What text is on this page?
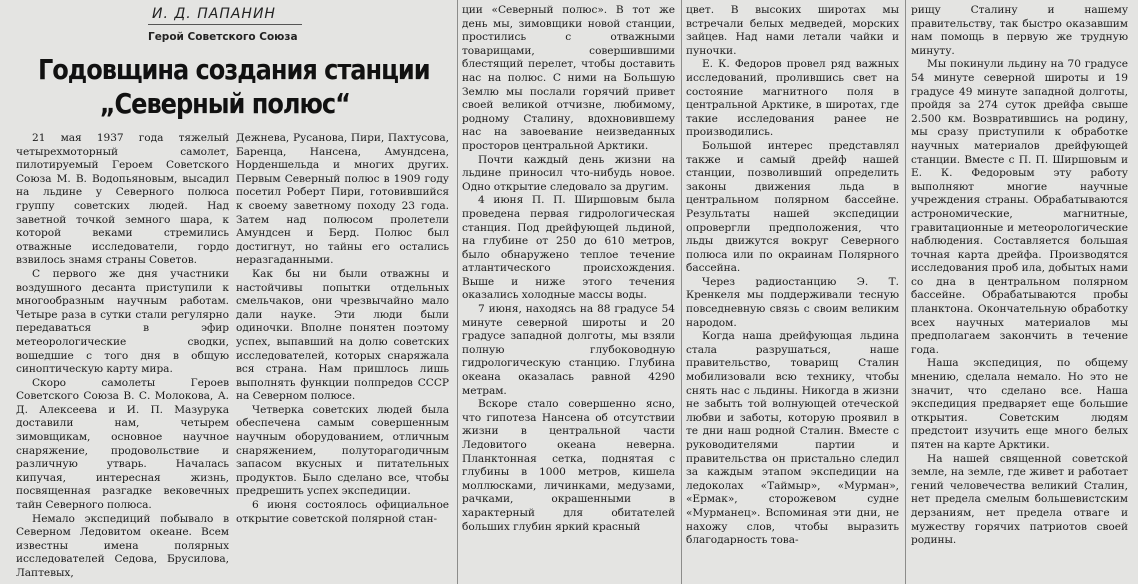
И. Д. ПАПАНИН
Герой Советского Союза
Годовщина создания станции
„Северный полюс“

21 мая 1937 года тяжелый четырехмоторный самолет, пилотируемый Героем Советского Союза М. В. Водопьяновым, высадил на льдине у Северного полюса группу советских людей. Над заветной точкой земного шара, к которой веками стремились отважные исследователи, гордо взвилось знамя страны Советов.

С первого же дня участники воздушного десанта приступили к многообразным научным работам. Четыре раза в сутки стали регулярно передаваться в эфир метеорологические сводки, вошедшие с того дня в общую синоптическую карту мира.

Скоро самолеты Героев Советского Союза В. С. Молокова, А. Д. Алексеева и И. П. Мазурука доставили нам, четырем зимовщикам, основное научное снаряжение, продовольствие и различную утварь. Началась кипучая, интересная жизнь, посвященная разгадке вековечных тайн Северного полюса.

Немало экспедиций побывало в Северном Ледовитом океане. Всем известны имена полярных исследователей Седова, Брусилова, Лаптевых,

Дежнева, Русанова, Пири, Пахтусова, Баренца, Нансена, Амундсена, Норденшельда и многих других. Первым Северный полюс в 1909 году посетил Роберт Пири, готовившийся к своему заветному походу 23 года. Затем над полюсом пролетели Амундсен и Берд. Полюс был достигнут, но тайны его остались неразгаданными.

Как бы ни были отважны и настойчивы попытки отдельных смельчаков, они чрезвычайно мало дали науке. Эти люди были одиночки. Вполне понятен поэтому успех, выпавший на долю советских исследователей, которых снаряжала вся страна. Нам пришлось лишь выполнять функции полпредов СССР на Северном полюсе.

Четверка советских людей была обеспечена самым совершенным научным оборудованием, отличным снаряжением, полуторагодичным запасом вкусных и питательных продуктов. Было сделано все, чтобы предрешить успех экспедиции.

6 июня состоялось официальное открытие советской полярной стан-

ции «Северный полюс». В тот же день мы, зимовщики новой станции, простились с отважными товарищами, совершившими блестящий перелет, чтобы доставить нас на полюс. С ними на Большую Землю мы послали горячий привет своей великой отчизне, любимому, родному Сталину, вдохновившему нас на завоевание неизведанных просторов центральной Арктики.

Почти каждый день жизни на льдине приносил что-нибудь новое. Одно открытие следовало за другим.

4 июня П. П. Ширшовым была проведена первая гидрологическая станция. Под дрейфующей льдиной, на глубине от 250 до 610 метров, было обнаружено теплое течение атлантического происхождения. Выше и ниже этого течения оказались холодные массы воды.

7 июня, находясь на 88 градусе 54 минуте северной широты и 20 градусе западной долготы, мы взяли полную глубоководную гидрологическую станцию. Глубина океана оказалась равной 4290 метрам.

Вскоре стало совершенно ясно, что гипотеза Нансена об отсутствии жизни в центральной части Ледовитого океана неверна. Планктонная сетка, поднятая с глубины в 1000 метров, кишела моллюсками, личинками, медузами, рачками, окрашенными в характерный для обитателей больших глубин яркий красный

цвет. В высоких широтах мы встречали белых медведей, морских зайцев. Над нами летали чайки и пуночки.

Е. К. Федоров провел ряд важных исследований, пролившись свет на состояние магнитного поля в центральной Арктике, в широтах, где такие исследования ранее не производились.

Большой интерес представлял также и самый дрейф нашей станции, позволивший определить законы движения льда в центральном полярном бассейне. Результаты нашей экспедиции опровергли предположения, что льды движутся вокруг Северного полюса или по окраинам Полярного бассейна.

Через радиостанцию Э. Т. Кренкеля мы поддерживали тесную повседневную связь с своим великим народом.

Когда наша дрейфующая льдина стала разрушаться, наше правительство, товарищ Сталин мобилизовали всю технику, чтобы снять нас с льдины. Никогда в жизни не забыть той волнующей отеческой любви и заботы, которую проявил в те дни наш родной Сталин. Вместе с руководителями партии и правительства он пристально следил за каждым этапом экспедиции на ледоколах «Таймыр», «Мурман», «Ермак», сторожевом судне «Мурманец». Вспоминая эти дни, не нахожу слов, чтобы выразить благодарность това-

рищу Сталину и нашему правительству, так быстро оказавшим нам помощь в первую же трудную минуту.

Мы покинули льдину на 70 градусе 54 минуте северной широты и 19 градусе 49 минуте западной долготы, пройдя за 274 суток дрейфа свыше 2.500 км. Возвратившись на родину, мы сразу приступили к обработке научных материалов дрейфующей станции. Вместе с П. П. Ширшовым и Е. К. Федоровым эту работу выполняют многие научные учреждения страны. Обрабатываются астрономические, магнитные, гравитационные и метеорологические наблюдения. Составляется большая точная карта дрейфа. Производятся исследования проб ила, добытых нами со дна в центральном полярном бассейне. Обрабатываются пробы планктона. Окончательную обработку всех научных материалов мы предполагаем закончить в течение года.

Наша экспедиция, по общему мнению, сделала немало. Но это не значит, что сделано все. Наша экспедиция предваряет еще большие открытия. Советским людям предстоит изучить еще много белых пятен на карте Арктики.

На нашей священной советской земле, на земле, где живет и работает гений человечества великий Сталин, нет предела смелым большевистским дерзаниям, нет предела отваге и мужеству горячих патриотов своей родины.
